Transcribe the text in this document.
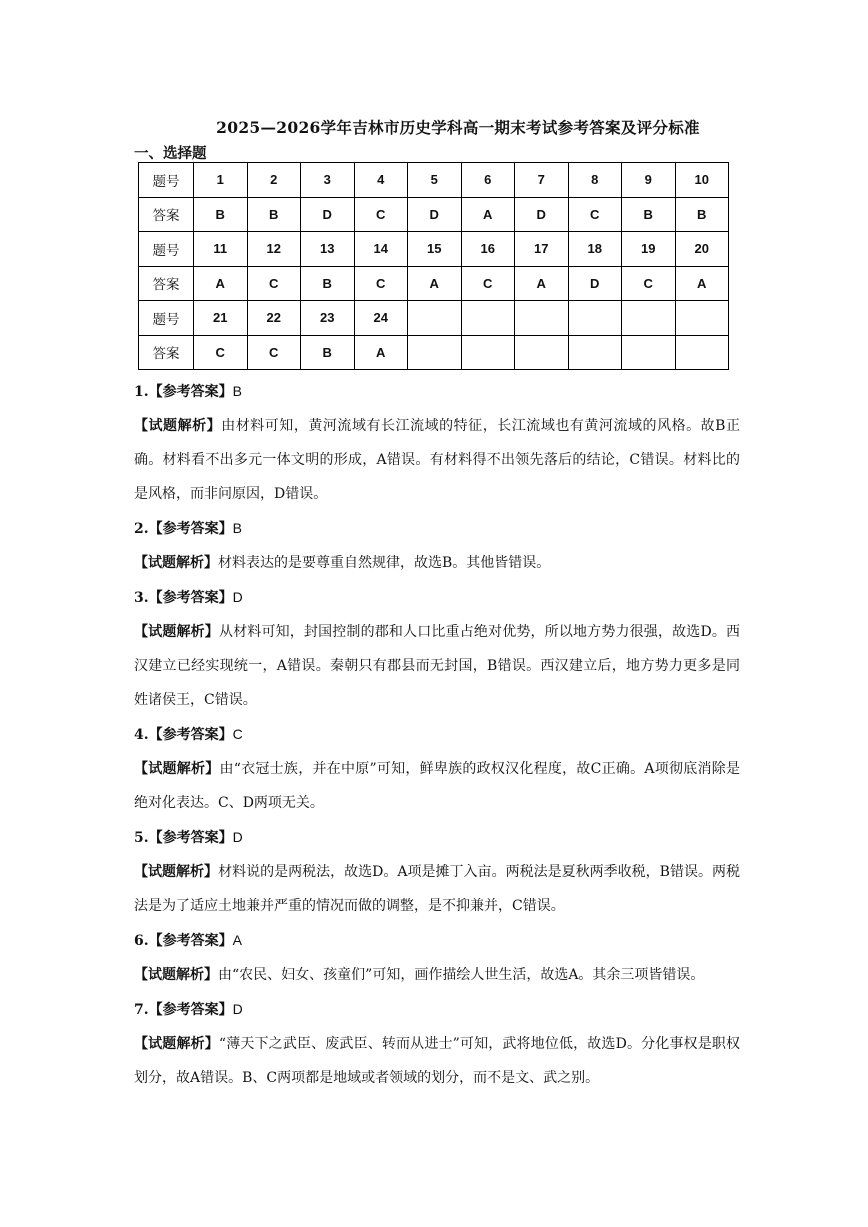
2025—2026学年吉林市历史学科高一期末考试参考答案及评分标准
一、选择题
题号	1	2	3	4	5	6	7	8	9	10
答案	B	B	D	C	D	A	D	C	B	B
题号	11	12	13	14	15	16	17	18	19	20
答案	A	C	B	C	A	C	A	D	C	A
题号	21	22	23	24						
答案	C	C	B	A						
1.【参考答案】B
【试题解析】由材料可知，黄河流域有长江流域的特征，长江流域也有黄河流域的风格。故B正确。材料看不出多元一体文明的形成，A错误。有材料得不出领先落后的结论，C错误。材料比的是风格，而非问原因，D错误。
2.【参考答案】B
【试题解析】材料表达的是要尊重自然规律，故选B。其他皆错误。
3.【参考答案】D
【试题解析】从材料可知，封国控制的郡和人口比重占绝对优势，所以地方势力很强，故选D。西汉建立已经实现统一，A错误。秦朝只有郡县而无封国，B错误。西汉建立后，地方势力更多是同姓诸侯王，C错误。
4.【参考答案】C
【试题解析】由“衣冠士族，并在中原”可知，鲜卑族的政权汉化程度，故C正确。A项彻底消除是绝对化表达。C、D两项无关。
5.【参考答案】D
【试题解析】材料说的是两税法，故选D。A项是摊丁入亩。两税法是夏秋两季收税，B错误。两税法是为了适应土地兼并严重的情况而做的调整，是不抑兼并，C错误。
6.【参考答案】A
【试题解析】由“农民、妇女、孩童们”可知，画作描绘人世生活，故选A。其余三项皆错误。
7.【参考答案】D
【试题解析】“薄天下之武臣、废武臣、转而从进士”可知，武将地位低，故选D。分化事权是职权划分，故A错误。B、C两项都是地域或者领域的划分，而不是文、武之别。
